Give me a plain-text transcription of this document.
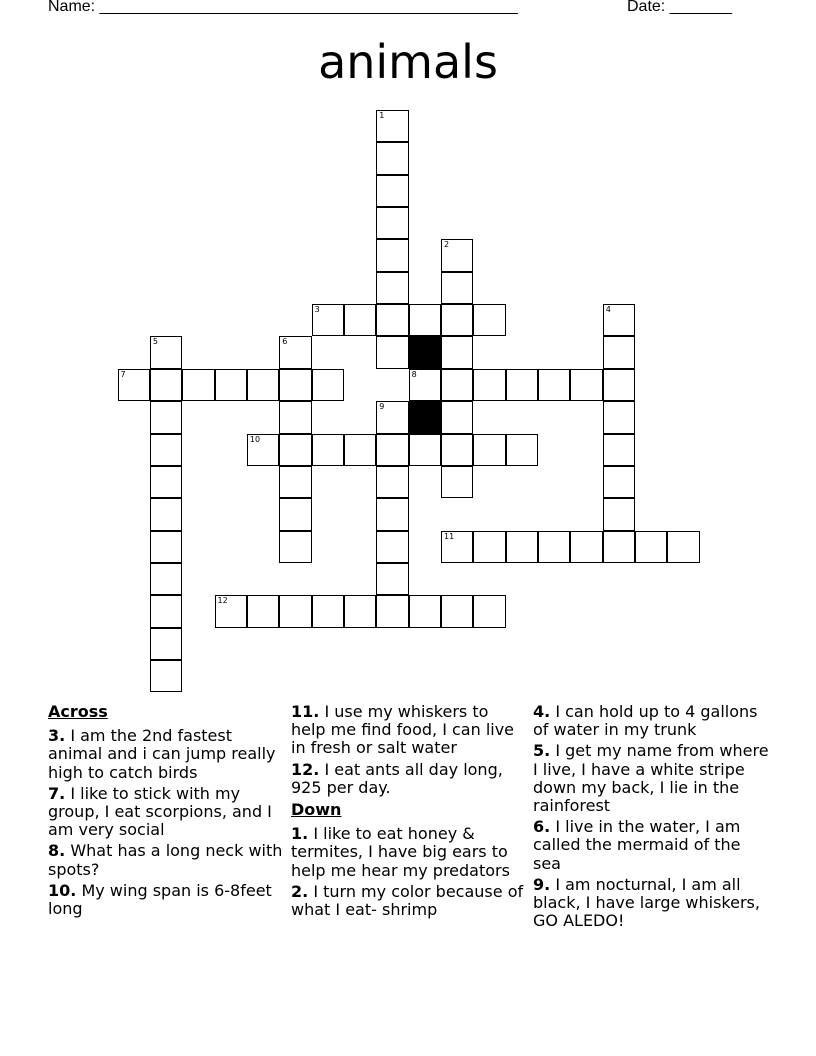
Name: _______________________________________________	Date: _______
animals
1
2
3	4
5	6
7	8
9
10
11
12
Across
3. I am the 2nd fastest animal and i can jump really high to catch birds
7. I like to stick with my group, I eat scorpions, and I am very social
8. What has a long neck with spots?
10. My wing span is 6-8feet long
11. I use my whiskers to help me find food, I can live in fresh or salt water
12. I eat ants all day long, 925 per day.
Down
1. I like to eat honey & termites, I have big ears to help me hear my predators
2. I turn my color because of what I eat- shrimp
4. I can hold up to 4 gallons of water in my trunk
5. I get my name from where I live, I have a white stripe down my back, I lie in the rainforest
6. I live in the water, I am called the mermaid of the sea
9. I am nocturnal, I am all black, I have large whiskers, GO ALEDO!
